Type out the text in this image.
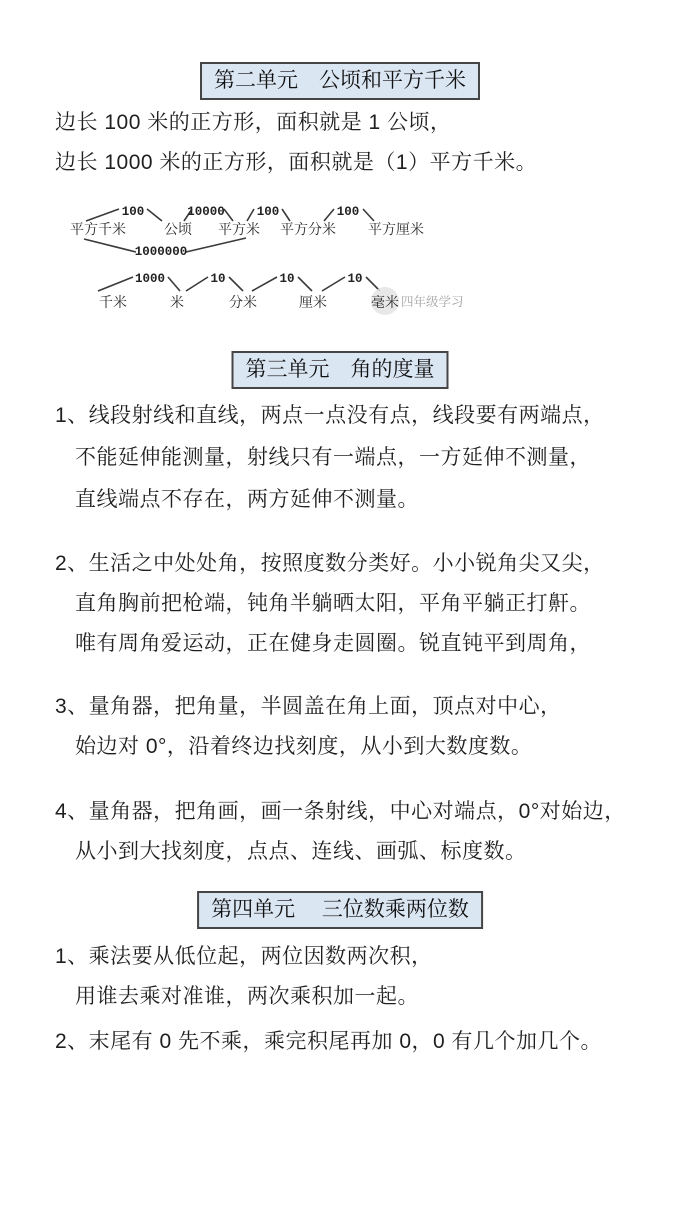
第二单元　公顷和平方千米
边长 100 米的正方形，面积就是 1 公顷，
边长 1000 米的正方形，面积就是（1）平方千米。
100	10000	100	100
平方千米	公顷 平方米 平方分米 平方厘米
1000000
1000	10	10	10
千米	米	分米	厘米	毫米 四年级学习
第三单元　角的度量
1、线段射线和直线，两点一点没有点，线段要有两端点，
不能延伸能测量，射线只有一端点，一方延伸不测量，
直线端点不存在，两方延伸不测量。
2、生活之中处处角，按照度数分类好。小小锐角尖又尖，
直角胸前把枪端，钝角半躺晒太阳，平角平躺正打鼾。
唯有周角爱运动，正在健身走圆圈。锐直钝平到周角，
3、量角器，把角量，半圆盖在角上面，顶点对中心，
始边对 0°，沿着终边找刻度，从小到大数度数。
4、量角器，把角画，画一条射线，中心对端点，0°对始边，
从小到大找刻度，点点、连线、画弧、标度数。
第四单元　 三位数乘两位数
1、乘法要从低位起，两位因数两次积，
用谁去乘对准谁，两次乘积加一起。
2、末尾有 0 先不乘，乘完积尾再加 0，0 有几个加几个。
